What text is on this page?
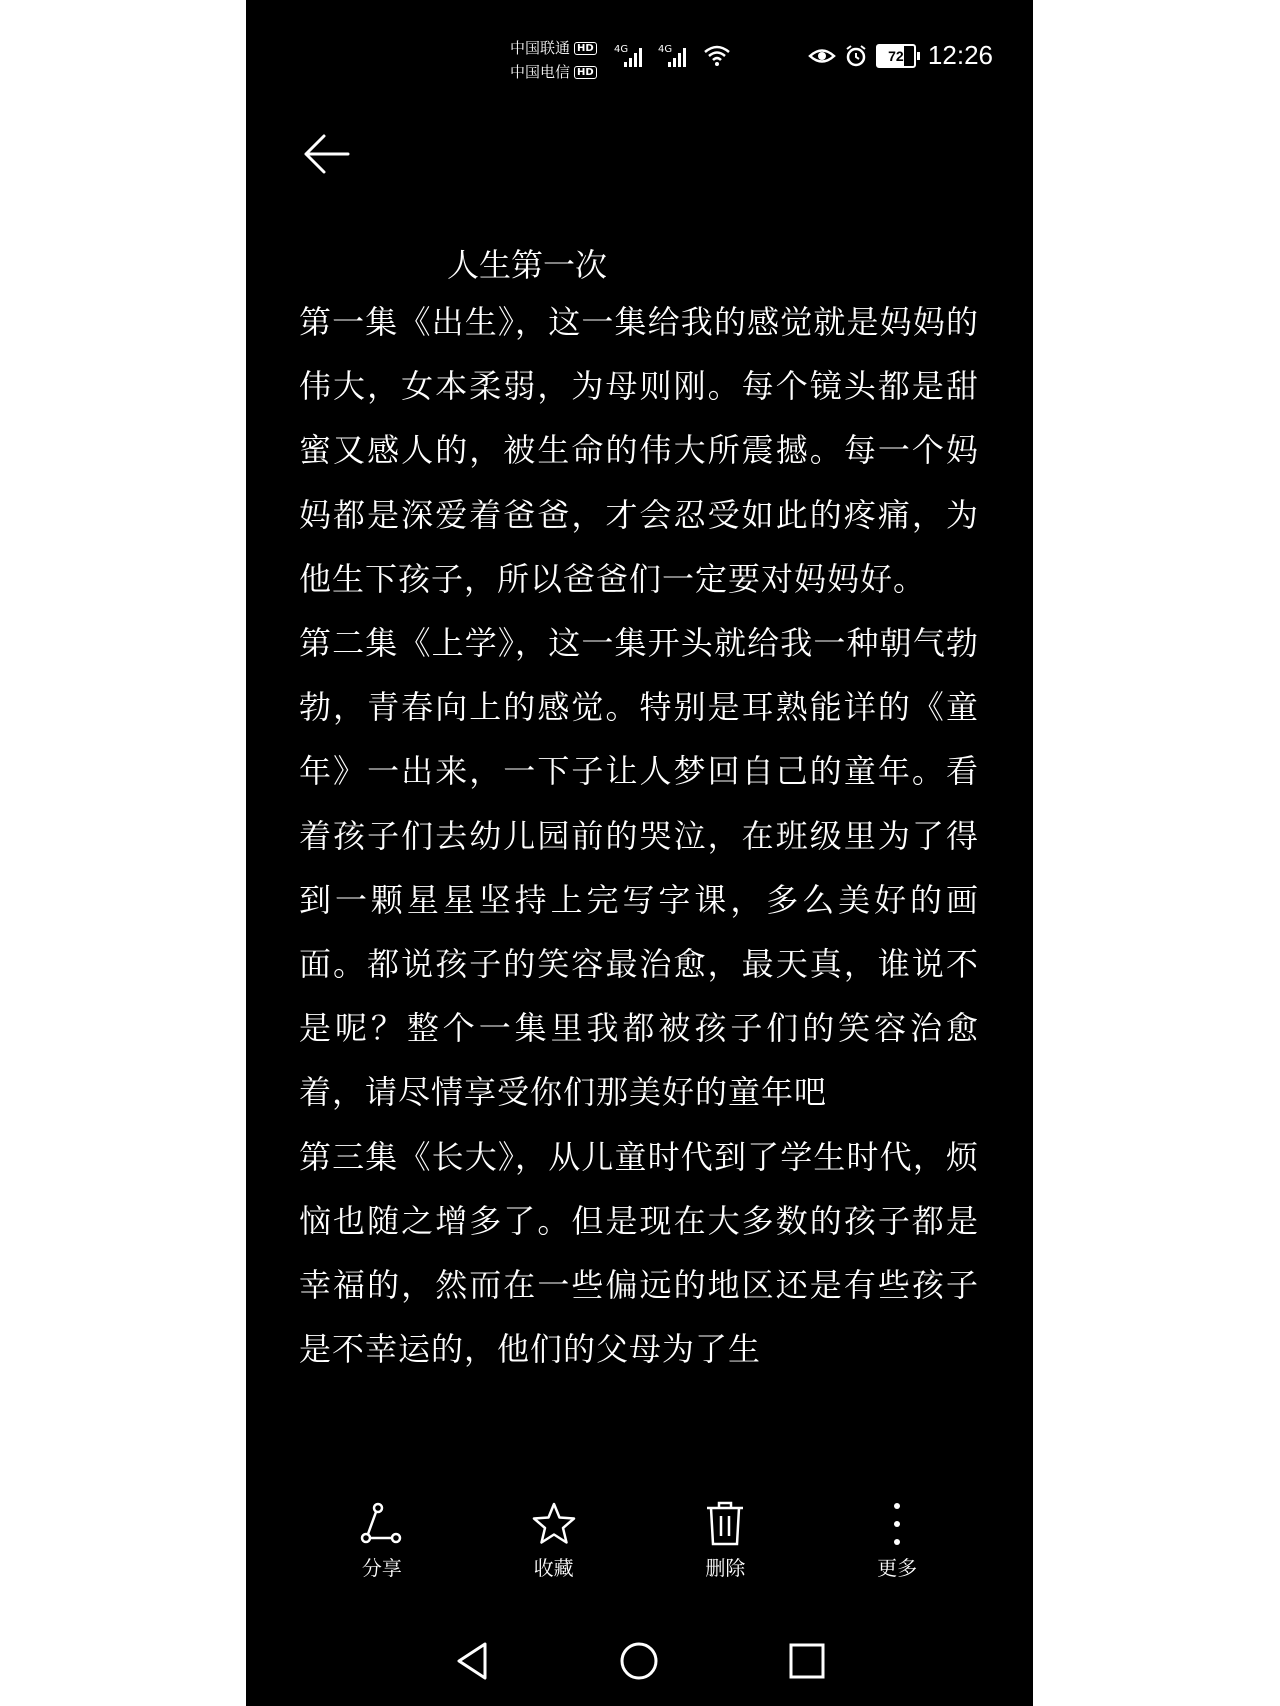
中国联通 HD
中国电信 HD
4G	4G	72 12:26
人生第一次

第一集《出生》，这一集给我的感觉就是妈妈的伟大，女本柔弱，为母则刚。每个镜头都是甜蜜又感人的，被生命的伟大所震撼。每一个妈妈都是深爱着爸爸，才会忍受如此的疼痛，为他生下孩子，所以爸爸们一定要对妈妈好。

第二集《上学》，这一集开头就给我一种朝气勃勃，青春向上的感觉。特别是耳熟能详的《童年》一出来，一下子让人梦回自己的童年。看着孩子们去幼儿园前的哭泣，在班级里为了得到一颗星星坚持上完写字课，多么美好的画面。都说孩子的笑容最治愈，最天真，谁说不是呢？整个一集里我都被孩子们的笑容治愈着，请尽情享受你们那美好的童年吧

第三集《长大》，从儿童时代到了学生时代，烦恼也随之增多了。但是现在大多数的孩子都是幸福的，然而在一些偏远的地区还是有些孩子是不幸运的，他们的父母为了生

分享	收藏	删除	更多
